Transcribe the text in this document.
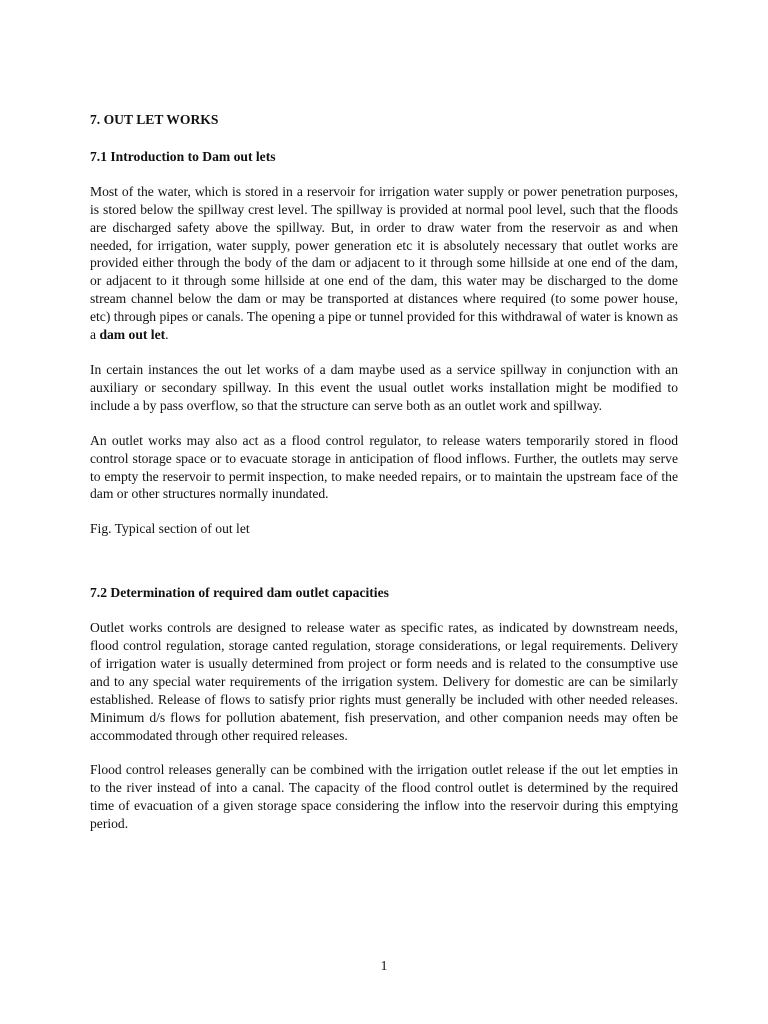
7. OUT LET WORKS

7.1 Introduction to Dam out lets

Most of the water, which is stored in a reservoir for irrigation water supply or power penetration purposes, is stored below the spillway crest level. The spillway is provided at normal pool level, such that the floods are discharged safety above the spillway. But, in order to draw water from the reservoir as and when needed, for irrigation, water supply, power generation etc it is absolutely necessary that outlet works are provided either through the body of the dam or adjacent to it through some hillside at one end of the dam, or adjacent to it through some hillside at one end of the dam, this water may be discharged to the dome stream channel below the dam or may be transported at distances where required (to some power house, etc) through pipes or canals. The opening a pipe or tunnel provided for this withdrawal of water is known as a dam out let.

In certain instances the out let works of a dam maybe used as a service spillway in conjunction with an auxiliary or secondary spillway. In this event the usual outlet works installation might be modified to include a by pass overflow, so that the structure can serve both as an outlet work and spillway.

An outlet works may also act as a flood control regulator, to release waters temporarily stored in flood control storage space or to evacuate storage in anticipation of flood inflows. Further, the outlets may serve to empty the reservoir to permit inspection, to make needed repairs, or to maintain the upstream face of the dam or other structures normally inundated.

Fig. Typical section of out let

7.2 Determination of required dam outlet capacities

Outlet works controls are designed to release water as specific rates, as indicated by downstream needs, flood control regulation, storage canted regulation, storage considerations, or legal requirements. Delivery of irrigation water is usually determined from project or form needs and is related to the consumptive use and to any special water requirements of the irrigation system. Delivery for domestic are can be similarly established. Release of flows to satisfy prior rights must generally be included with other needed releases. Minimum d/s flows for pollution abatement, fish preservation, and other companion needs may often be accommodated through other required releases.

Flood control releases generally can be combined with the irrigation outlet release if the out let empties in to the river instead of into a canal. The capacity of the flood control outlet is determined by the required time of evacuation of a given storage space considering the inflow into the reservoir during this emptying period.

1
